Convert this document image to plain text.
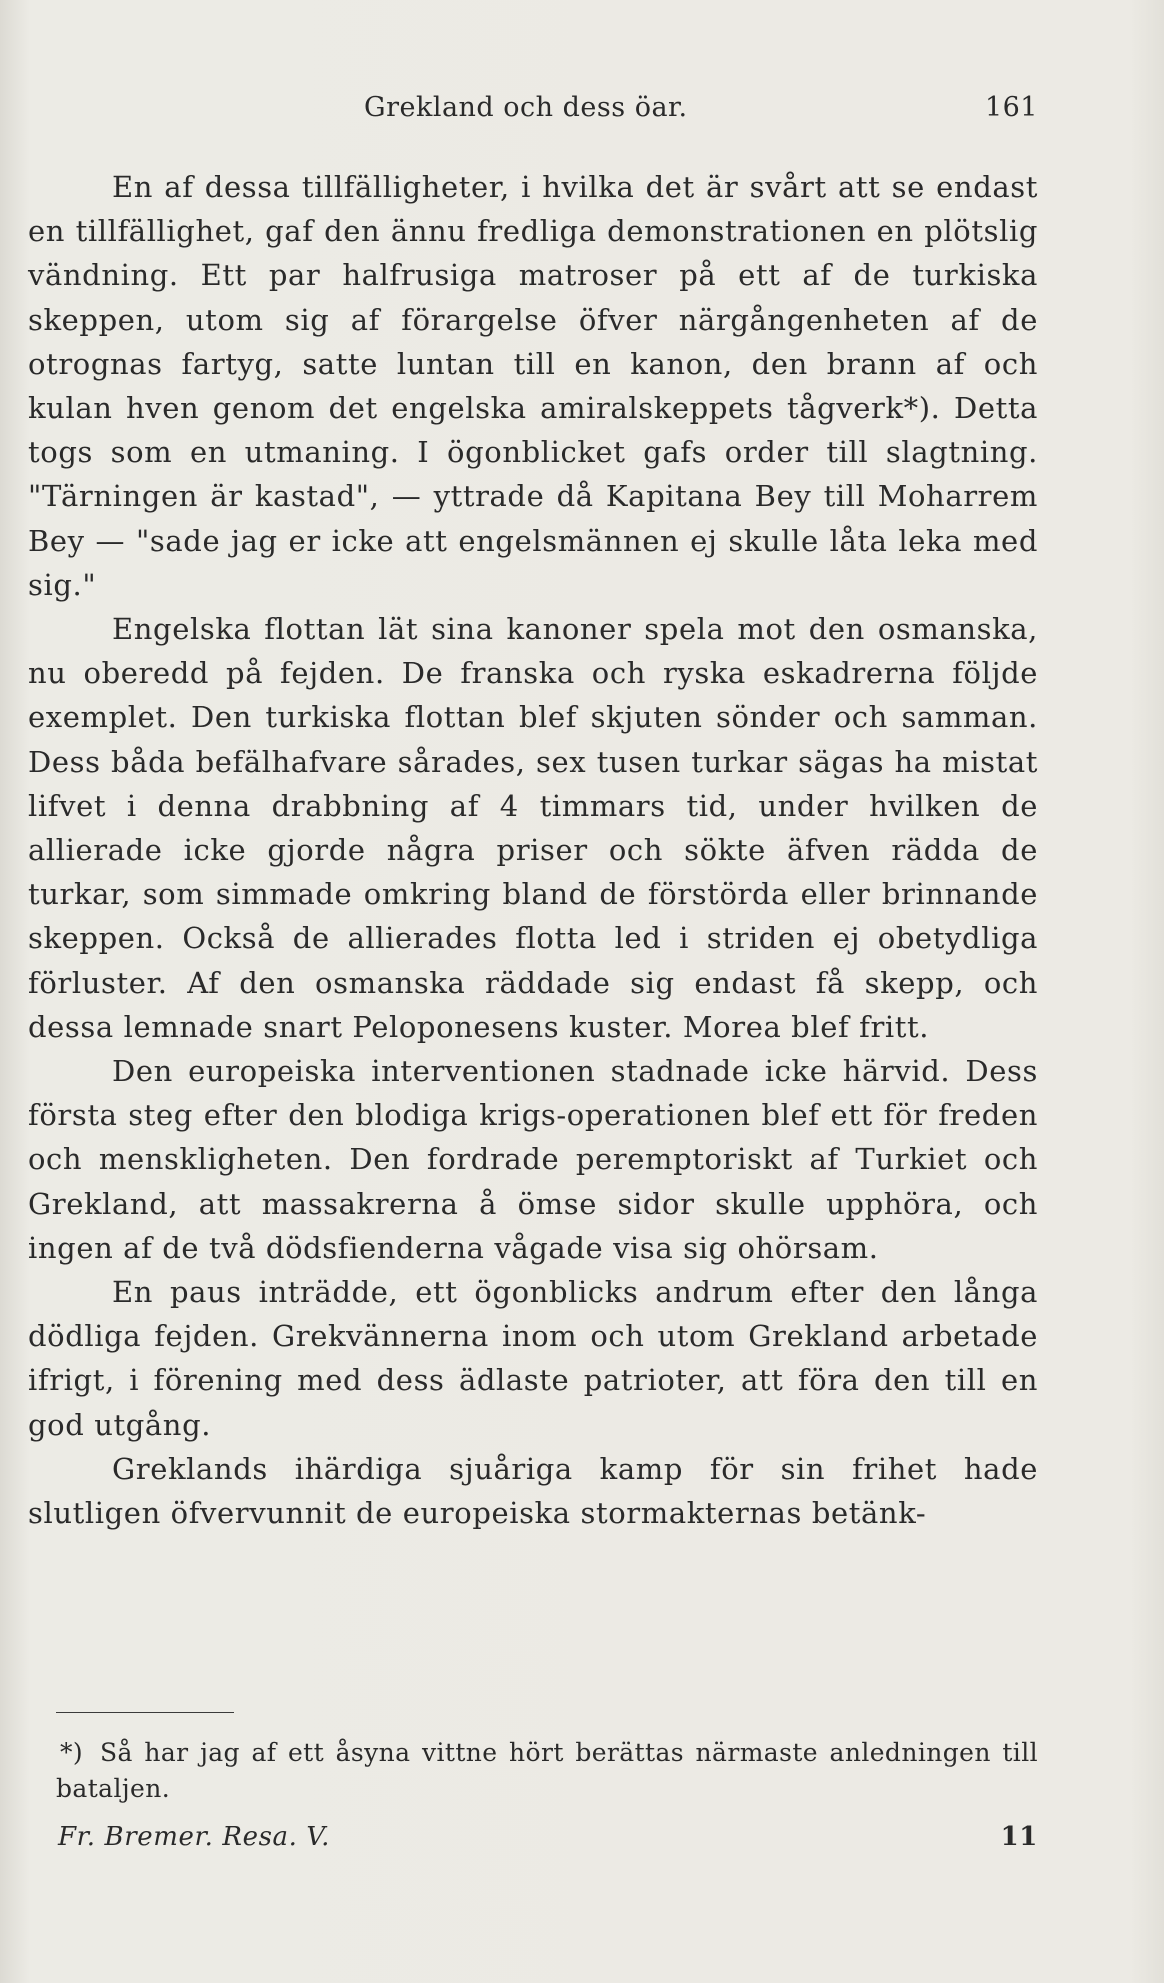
Grekland och dess öar.	161

En af dessa tillfälligheter, i hvilka det är svårt att se endast en tillfällighet, gaf den ännu fredliga demonstrationen en plötslig vändning. Ett par halfrusiga matroser på ett af de turkiska skeppen, utom sig af förargelse öfver närgångenheten af de otrognas fartyg, satte luntan till en kanon, den brann af och kulan hven genom det engelska amiralskeppets tågverk*). Detta togs som en utmaning. I ögonblicket gafs order till slagtning. "Tärningen är kastad", — yttrade då Kapitana Bey till Moharrem Bey — "sade jag er icke att engelsmännen ej skulle låta leka med sig."

Engelska flottan lät sina kanoner spela mot den osmanska, nu oberedd på fejden. De franska och ryska eskadrerna följde exemplet. Den turkiska flottan blef skjuten sönder och samman. Dess båda befälhafvare sårades, sex tusen turkar sägas ha mistat lifvet i denna drabbning af 4 timmars tid, under hvilken de allierade icke gjorde några priser och sökte äfven rädda de turkar, som simmade omkring bland de förstörda eller brinnande skeppen. Också de allierades flotta led i striden ej obetydliga förluster. Af den osmanska räddade sig endast få skepp, och dessa lemnade snart Peloponesens kuster. Morea blef fritt.

Den europeiska interventionen stadnade icke härvid. Dess första steg efter den blodiga krigs-operationen blef ett för freden och menskligheten. Den fordrade peremptoriskt af Turkiet och Grekland, att massakrerna å ömse sidor skulle upphöra, och ingen af de två dödsfienderna vågade visa sig ohörsam.

En paus inträdde, ett ögonblicks andrum efter den långa dödliga fejden. Grekvännerna inom och utom Grekland arbetade ifrigt, i förening med dess ädlaste patrioter, att föra den till en god utgång.

Greklands ihärdiga sjuåriga kamp för sin frihet hade slutligen öfvervunnit de europeiska stormakternas betänk-

*) Så har jag af ett åsyna vittne hört berättas närmaste anledningen till bataljen.
Fr. Bremer. Resa. V.	11
